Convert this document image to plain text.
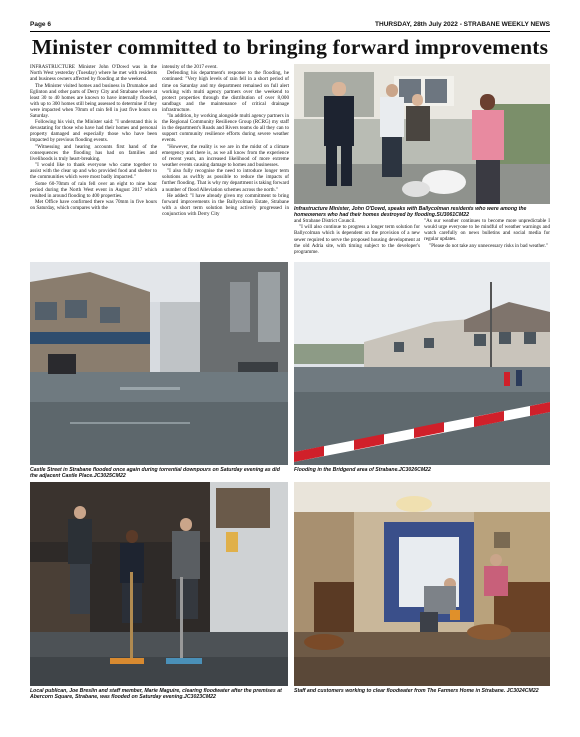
Page 6	THURSDAY, 28th July 2022 - STRABANE WEEKLY NEWS
Minister committed to bringing forward improvements

INFRASTRUCTURE Minister John O'Dowd was in the North West yesterday (Tuesday) where he met with residents and business owners affected by flooding at the weekend.

The Minister visited homes and business in Drumahoe and Eglinton and other parts of Derry City and Strabane where at least 30 to 40 homes are known to have internally flooded, with up to 300 homes still being assessed to determine if they were impacted when 70mm of rain fell in just five hours on Saturday.

Following his visit, the Minister said: "I understand this is devastating for those who have had their homes and personal property damaged and especially those who have been impacted by previous flooding events.

"Witnessing and hearing accounts first hand of the consequences the flooding has had on families and livelihoods is truly heart-breaking.

"I would like to thank everyone who came together to assist with the clear up and who provided food and shelter to the communities which were most badly impacted."

Some 60-70mm of rain fell over an eight to nine hour period during the North West event in August 2017 which resulted in around flooding to 400 properties.

Met Office have confirmed there was 70mm in five hours on Saturday, which compares with the

intensity of the 2017 event.

Defending his department's response to the flooding, he continued: "Very high levels of rain fell in a short period of time on Saturday and my department remained on full alert working with multi agency partners over the weekend to protect properties through the distribution of over 8,000 sandbags and the maintenance of critical drainage infrastructure.

"In addition, by working alongside multi agency partners in the Regional Community Resilience Group (RCRG) my staff in the department's Roads and Rivers teams do all they can to support community resilience efforts during severe weather events.

"However, the reality is we are in the midst of a climate emergency and there is, as we all know from the experience of recent years, an increased likelihood of more extreme weather events causing damage to homes and businesses.

"I also fully recognise the need to introduce longer term solutions as swiftly as possible to reduce the impacts of further flooding. That is why my department is taking forward a number of flood Alleviation schemes across the north."

He added: "I have already given my commitment to bring forward improvements in the Ballycolman Estate, Strabane with a short term solution being actively progressed in conjunction with Derry City

and Strabane District Council.

"I will also continue to progress a longer term solution for Ballycolman which is dependent on the provision of a new sewer required to serve the proposed housing development at the old Adria site, with timing subject to the developer's programme.

"As our weather continues to become more unpredictable I would urge everyone to be mindful of weather warnings and watch carefully on news bulletins and social media for regular updates.

"Please do not take any unnecessary risks in bad weather."

Infrastructure Minister, John O'Dowd, speaks with Ballycolman residents who were among the homeowners who had their homes destroyed by flooding.SU3061CM22
Castle Street in Strabane flooded once again during torrential downpours on Saturday evening as did the adjacent Castle Place.JC3025CM22
Flooding in the Bridgend area of Strabane.JC3026CM22
Local publican, Joe Breslin and staff member, Marie Maguire, clearing floodwater after the premises at Abercorn Square, Strabane, was flooded on Saturday evening.JC3023CM22
Staff and customers working to clear floodwater from The Farmers Home in Strabane. JC3024CM22
